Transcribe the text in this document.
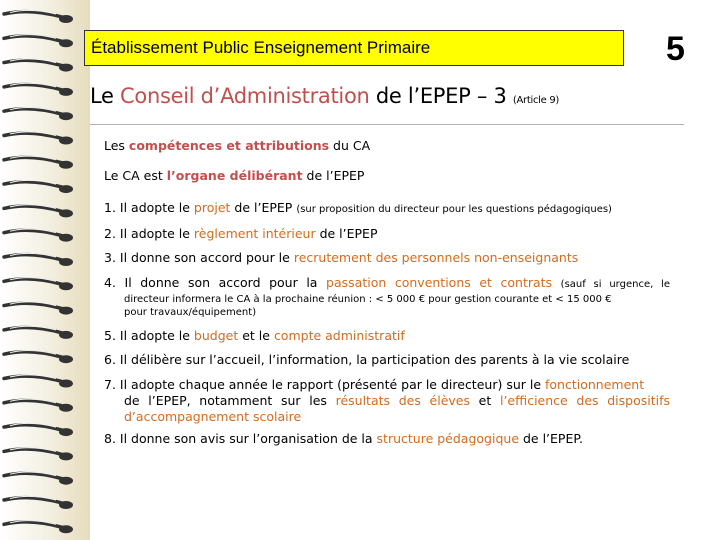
Établissement Public Enseignement Primaire	5
Le Conseil d’Administration de l’EPEP – 3 (Article 9)

Les compétences et attributions du CA

Le CA est l’organe délibérant de l’EPEP

1. Il adopte le projet de l’EPEP (sur proposition du directeur pour les questions pédagogiques)
2. Il adopte le règlement intérieur de l’EPEP
3. Il donne son accord pour le recrutement des personnels non-enseignants
4. Il donne son accord pour la passation conventions et contrats (sauf si urgence, le
directeur informera le CA à la prochaine réunion : < 5 000 € pour gestion courante et < 15 000 €
pour travaux/équipement)
5. Il adopte le budget et le compte administratif
6. Il délibère sur l’accueil, l’information, la participation des parents à la vie scolaire
7. Il adopte chaque année le rapport (présenté par le directeur) sur le fonctionnement
de l’EPEP, notamment sur les résultats des élèves et l’efficience des dispositifs
d’accompagnement scolaire
8. Il donne son avis sur l’organisation de la structure pédagogique de l’EPEP.
